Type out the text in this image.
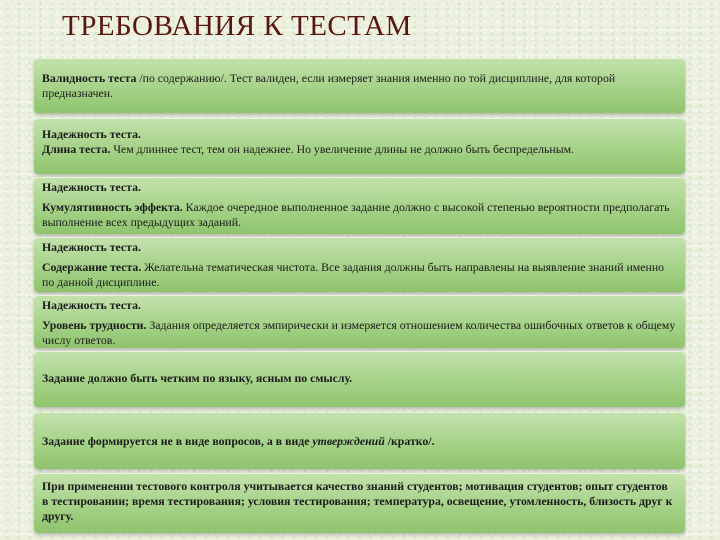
ТРЕБОВАНИЯ К ТЕСТАМ

Валидность теста /по содержанию/. Тест валиден, если измеряет знания именно по той дисциплине, для которой предназначен.

Надежность теста.
Длина теста. Чем длиннее тест, тем он надежнее. Но увеличение длины не должно быть беспредельным.
Надежность теста.
Кумулятивность эффекта. Каждое очередное выполненное задание должно с высокой степенью вероятности предполагать выполнение всех предыдущих заданий.
Надежность теста.
Содержание теста. Желательна тематическая чистота. Все задания должны быть направлены на выявление знаний именно по данной дисциплине.
Надежность теста.
Уровень трудности. Задания определяется эмпирически и измеряется отношением количества ошибочных ответов к общему числу ответов.
Задание должно быть четким по языку, ясным по смыслу.
Задание формируется не в виде вопросов, а в виде утверждений /кратко/.
При применении тестового контроля учитывается качество знаний студентов; мотивация студентов; опыт студентов в тестировании; время тестирования; условия тестирования; температура, освещение, утомленность, близость друг к другу.
